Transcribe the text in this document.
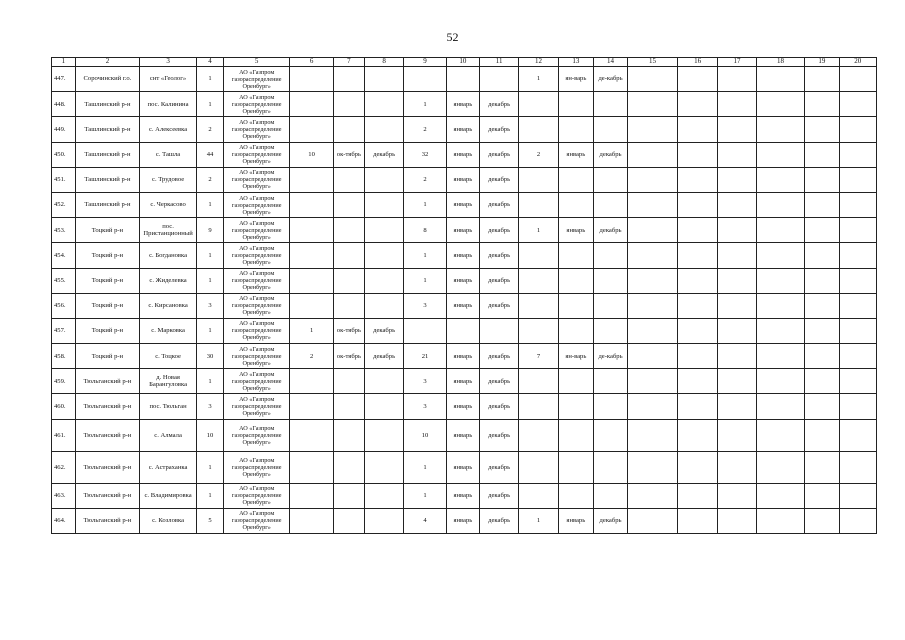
52
1	2	3	4	5	6	7	8	9	10	11	12	13	14	15	16	17	18	19	20
447.	Сорочинский г.о.	снт «Геолог»	1	АО «Газпром газораспределение Оренбург»							1	ян-варь	де-кабрь						
448.	Ташлинский р-н	пос. Калинина	1	АО «Газпром газораспределение Оренбург»				1	январь	декабрь									
449.	Ташлинский р-н	с. Алексеевка	2	АО «Газпром газораспределение Оренбург»				2	январь	декабрь									
450.	Ташлинский р-н	с. Ташла	44	АО «Газпром газораспределение Оренбург»	10	ок-тябрь	декабрь	32	январь	декабрь	2	январь	декабрь						
451.	Ташлинский р-н	с. Трудовое	2	АО «Газпром газораспределение Оренбург»				2	январь	декабрь									
452.	Ташлинский р-н	с. Черкасово	1	АО «Газпром газораспределение Оренбург»				1	январь	декабрь									
453.	Тоцкий р-н	пос. Пристанционный	9	АО «Газпром газораспределение Оренбург»				8	январь	декабрь	1	январь	декабрь						
454.	Тоцкий р-н	с. Богдановка	1	АО «Газпром газораспределение Оренбург»				1	январь	декабрь									
455.	Тоцкий р-н	с. Жиделевка	1	АО «Газпром газораспределение Оренбург»				1	январь	декабрь									
456.	Тоцкий р-н	с. Кирсановка	3	АО «Газпром газораспределение Оренбург»				3	январь	декабрь									
457.	Тоцкий р-н	с. Марковка	1	АО «Газпром газораспределение Оренбург»	1	ок-тябрь	декабрь												
458.	Тоцкий р-н	с. Тоцкое	30	АО «Газпром газораспределение Оренбург»	2	ок-тябрь	декабрь	21	январь	декабрь	7	ян-варь	де-кабрь						
459.	Тюльганский р-н	д. Новая Барангуловка	1	АО «Газпром газораспределение Оренбург»				3	январь	декабрь									
460.	Тюльганский р-н	пос. Тюльган	3	АО «Газпром газораспределение Оренбург»				3	январь	декабрь									
461.	Тюльганский р-н	с. Алмала	10	АО «Газпром газораспределение Оренбург»				10	январь	декабрь									
462.	Тюльганский р-н	с. Астраханка	1	АО «Газпром газораспределение Оренбург»				1	январь	декабрь									
463.	Тюльганский р-н	с. Владимировка	1	АО «Газпром газораспределение Оренбург»				1	январь	декабрь									
464.	Тюльганский р-н	с. Козловка	5	АО «Газпром газораспределение Оренбург»				4	январь	декабрь	1	январь	декабрь						
